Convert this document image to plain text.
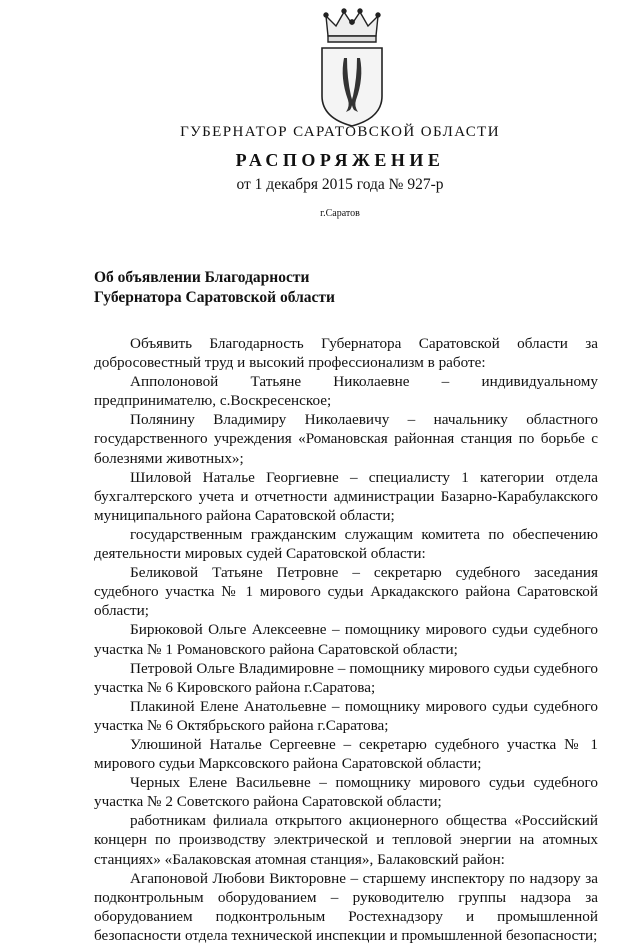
ГУБЕРНАТОР САРАТОВСКОЙ ОБЛАСТИ
РАСПОРЯЖЕНИЕ
от 1 декабря 2015 года № 927-р
г.Саратов
Об объявлении Благодарности
Губернатора Саратовской области

Объявить Благодарность Губернатора Саратовской области за добросовестный труд и высокий профессионализм в работе:

Апполоновой Татьяне Николаевне – индивидуальному предпринимателю, с.Воскресенское;

Полянину Владимиру Николаевичу – начальнику областного государственного учреждения «Романовская районная станция по борьбе с болезнями животных»;

Шиловой Наталье Георгиевне – специалисту 1 категории отдела бухгалтерского учета и отчетности администрации Базарно-Карабулакского муниципального района Саратовской области;

государственным гражданским служащим комитета по обеспечению деятельности мировых судей Саратовской области:

Беликовой Татьяне Петровне – секретарю судебного заседания судебного участка № 1 мирового судьи Аркадакского района Саратовской области;

Бирюковой Ольге Алексеевне – помощнику мирового судьи судебного участка № 1 Романовского района Саратовской области;

Петровой Ольге Владимировне – помощнику мирового судьи судебного участка № 6 Кировского района г.Саратова;

Плакиной Елене Анатольевне – помощнику мирового судьи судебного участка № 6 Октябрьского района г.Саратова;

Улюшиной Наталье Сергеевне – секретарю судебного участка № 1 мирового судьи Марксовского района Саратовской области;

Черных Елене Васильевне – помощнику мирового судьи судебного участка № 2 Советского района Саратовской области;

работникам филиала открытого акционерного общества «Российский концерн по производству электрической и тепловой энергии на атомных станциях» «Балаковская атомная станция», Балаковский район:

Агапоновой Любови Викторовне – старшему инспектору по надзору за подконтрольным оборудованием – руководителю группы надзора за оборудованием подконтрольным Ростехнадзору и промышленной безопасности отдела технической инспекции и промышленной безопасности;
